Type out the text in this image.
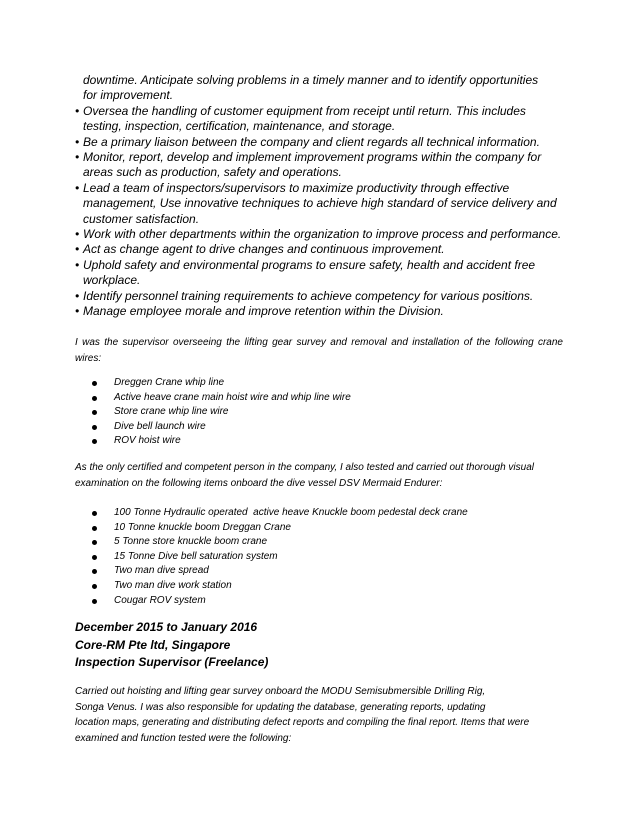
downtime. Anticipate solving problems in a timely manner and to identify opportunities
for improvement.
• Oversea the handling of customer equipment from receipt until return. This includes
testing, inspection, certification, maintenance, and storage.
• Be a primary liaison between the company and client regards all technical information.
• Monitor, report, develop and implement improvement programs within the company for
areas such as production, safety and operations.
• Lead a team of inspectors/supervisors to maximize productivity through effective
management, Use innovative techniques to achieve high standard of service delivery and
customer satisfaction.
• Work with other departments within the organization to improve process and performance.
• Act as change agent to drive changes and continuous improvement.
• Uphold safety and environmental programs to ensure safety, health and accident free
workplace.
• Identify personnel training requirements to achieve competency for various positions.
• Manage employee morale and improve retention within the Division.
I was the supervisor overseeing the lifting gear survey and removal and installation of the following crane wires:
Dreggen Crane whip line
Active heave crane main hoist wire and whip line wire
Store crane whip line wire
Dive bell launch wire
ROV hoist wire
As the only certified and competent person in the company, I also tested and carried out thorough visual examination on the following items onboard the dive vessel DSV Mermaid Endurer:
100 Tonne Hydraulic operated  active heave Knuckle boom pedestal deck crane
10 Tonne knuckle boom Dreggan Crane
5 Tonne store knuckle boom crane
15 Tonne Dive bell saturation system
Two man dive spread
Two man dive work station
Cougar ROV system
December 2015 to January 2016
Core-RM Pte ltd, Singapore
Inspection Supervisor (Freelance)
Carried out hoisting and lifting gear survey onboard the MODU Semisubmersible Drilling Rig,
Songa Venus. I was also responsible for updating the database, generating reports, updating
location maps, generating and distributing defect reports and compiling the final report. Items that were
examined and function tested were the following:
